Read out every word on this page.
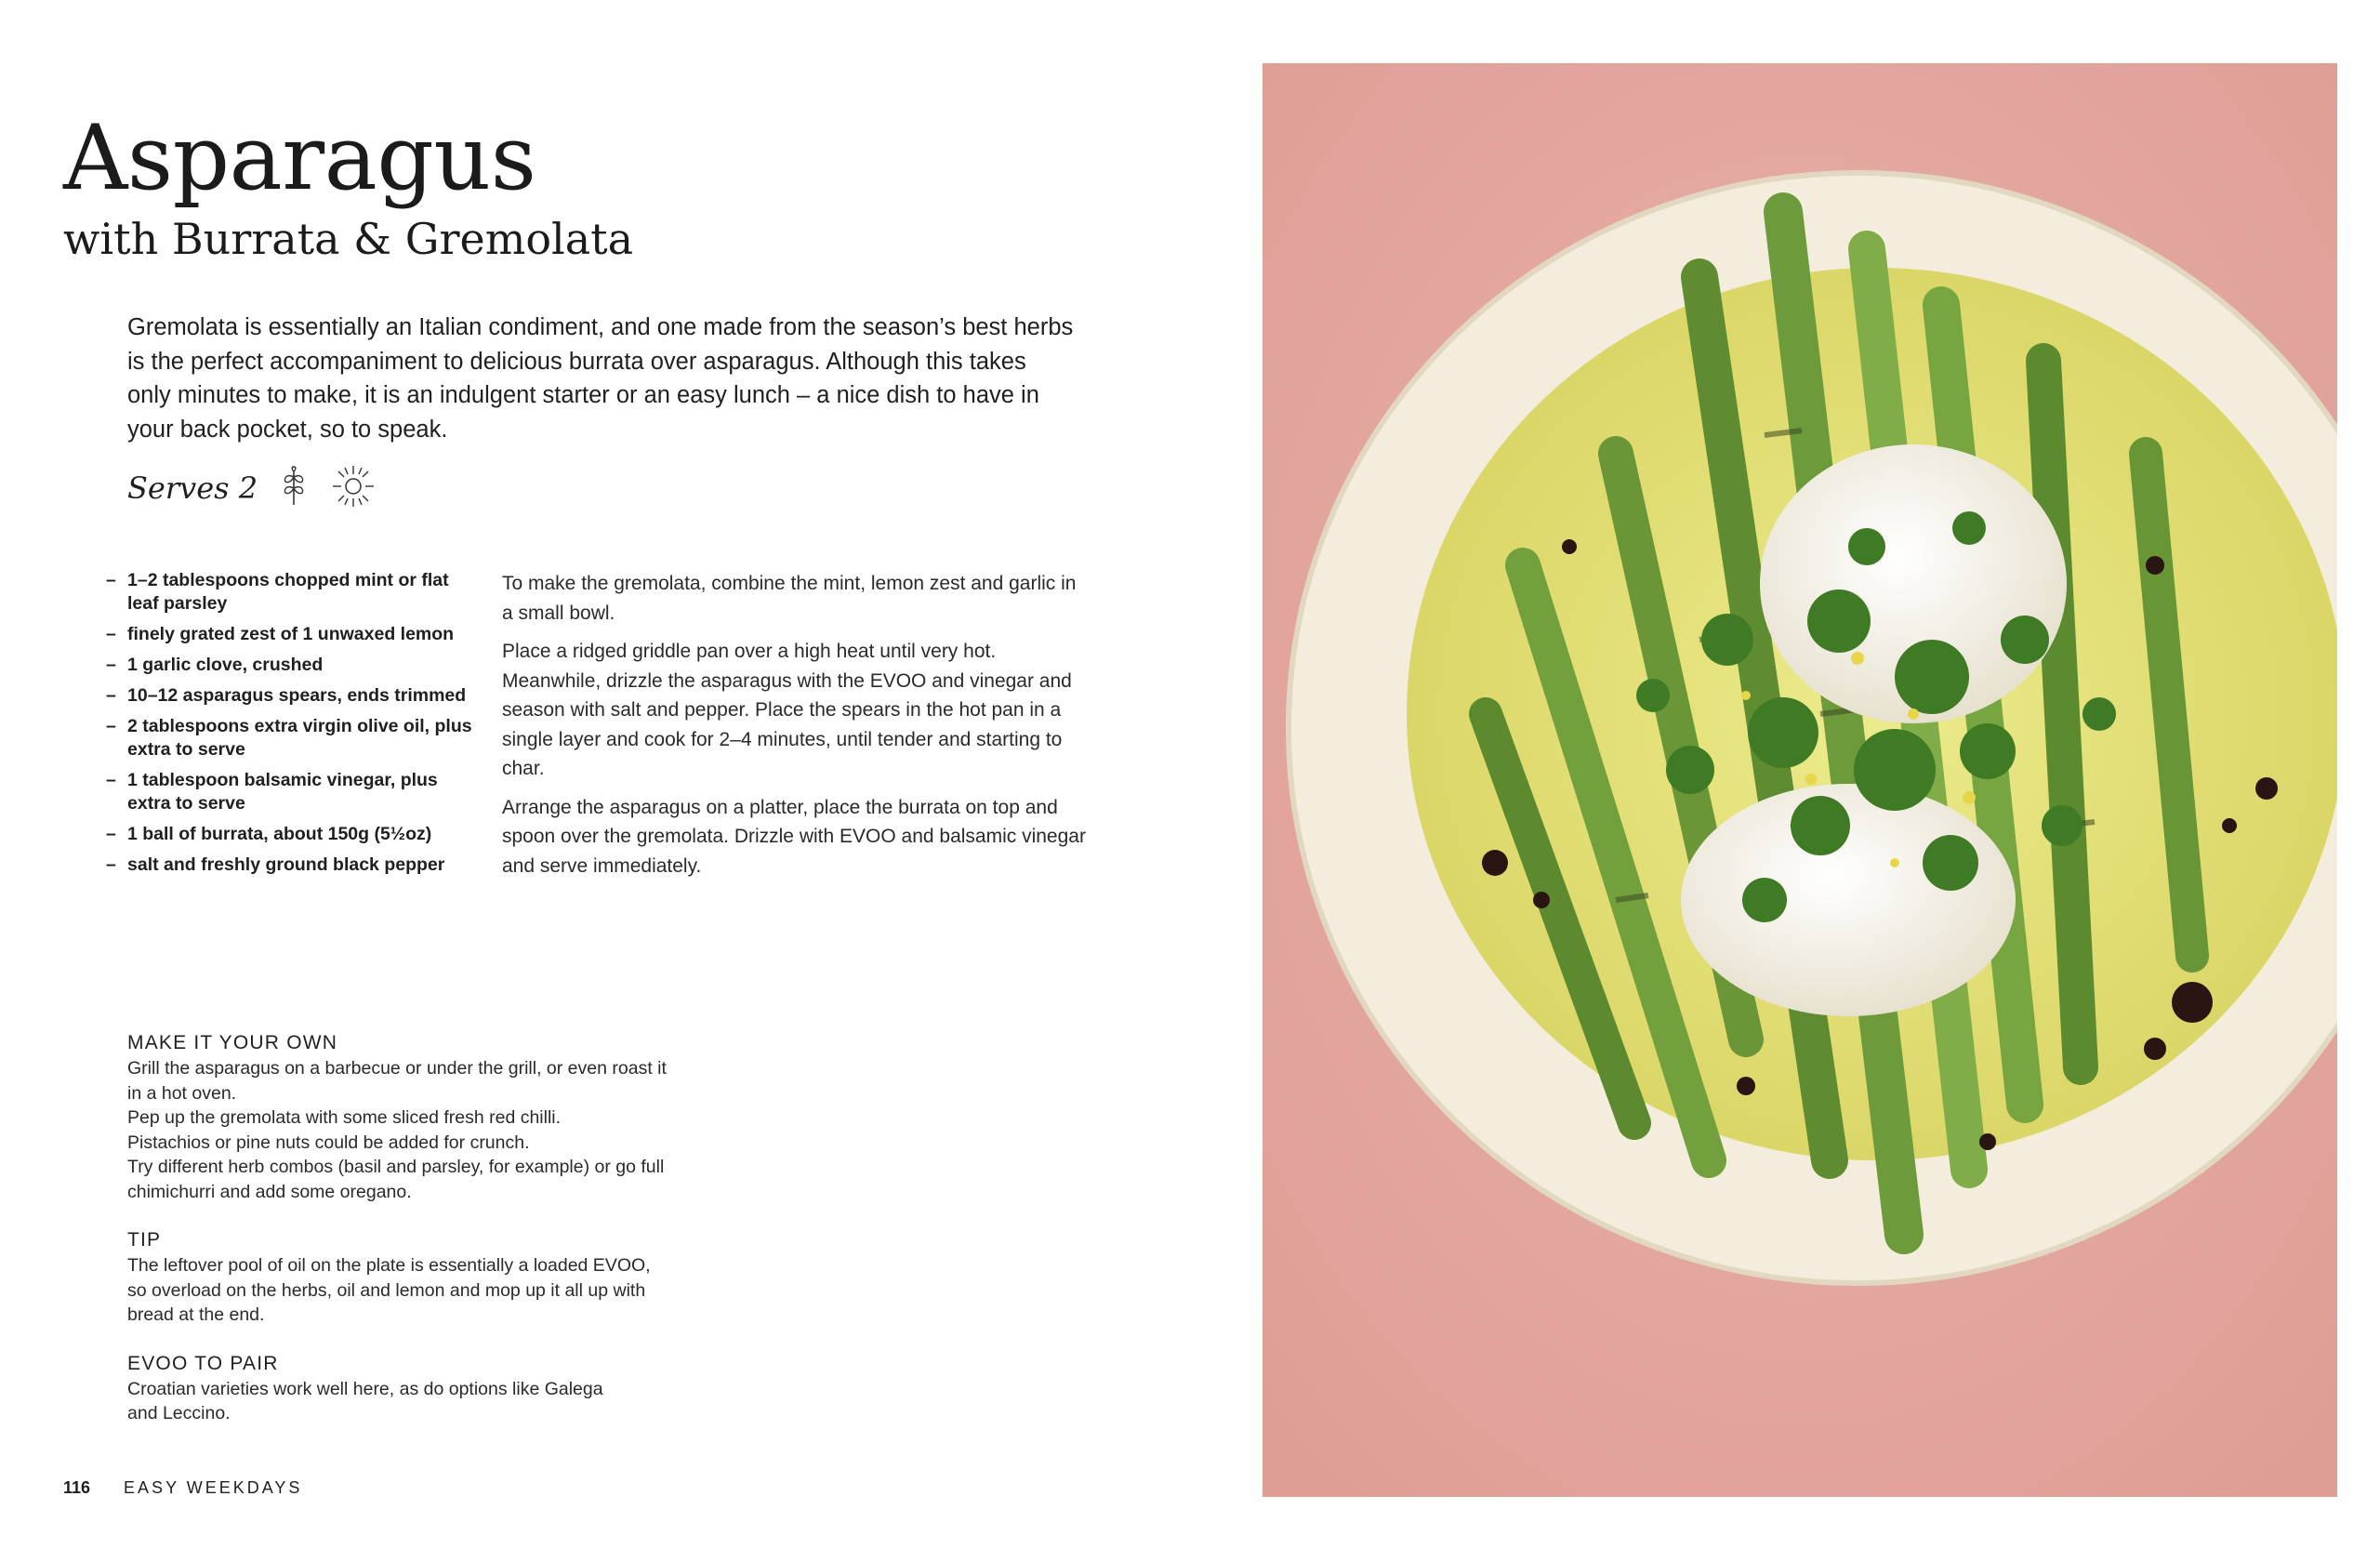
Asparagus
with Burrata & Gremolata

Gremolata is essentially an Italian condiment, and one made from the season’s best herbs is the perfect accompaniment to delicious burrata over asparagus. Although this takes only minutes to make, it is an indulgent starter or an easy lunch – a nice dish to have in your back pocket, so to speak.

Serves 2
– 1–2 tablespoons chopped mint or flat leaf parsley
– finely grated zest of 1 unwaxed lemon
– 1 garlic clove, crushed
– 10–12 asparagus spears, ends trimmed
– 2 tablespoons extra virgin olive oil, plus extra to serve
– 1 tablespoon balsamic vinegar, plus extra to serve
– 1 ball of burrata, about 150g (5½oz)
– salt and freshly ground black pepper

To make the gremolata, combine the mint, lemon zest and garlic in a small bowl.

Place a ridged griddle pan over a high heat until very hot. Meanwhile, drizzle the asparagus with the EVOO and vinegar and season with salt and pepper. Place the spears in the hot pan in a single layer and cook for 2–4 minutes, until tender and starting to char.

Arrange the asparagus on a platter, place the burrata on top and spoon over the gremolata. Drizzle with EVOO and balsamic vinegar and serve immediately.

MAKE IT YOUR OWN
Grill the asparagus on a barbecue or under the grill, or even roast it
in a hot oven.
Pep up the gremolata with some sliced fresh red chilli.
Pistachios or pine nuts could be added for crunch.
Try different herb combos (basil and parsley, for example) or go full
chimichurri and add some oregano.
TIP
The leftover pool of oil on the plate is essentially a loaded EVOO,
so overload on the herbs, oil and lemon and mop up it all up with
bread at the end.
EVOO TO PAIR
Croatian varieties work well here, as do options like Galega
and Leccino.
116 EASY WEEKDAYS
